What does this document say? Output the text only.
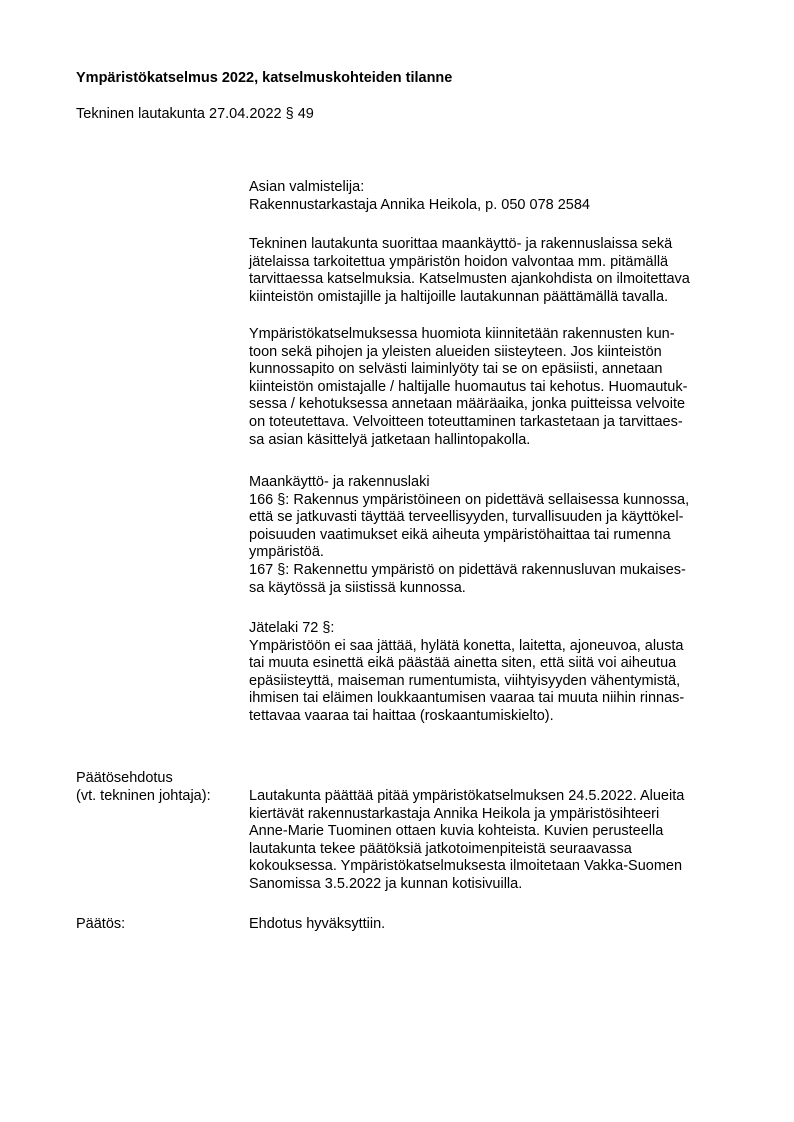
Ympäristökatselmus 2022, katselmuskohteiden tilanne
Tekninen lautakunta 27.04.2022 § 49
Asian valmistelija:
Rakennustarkastaja Annika Heikola, p. 050 078 2584
Tekninen lautakunta suorittaa maankäyttö- ja rakennuslaissa sekä
jätelaissa tarkoitettua ympäristön hoidon valvontaa mm. pitämällä
tarvittaessa katselmuksia. Katselmusten ajankohdista on ilmoitettava
kiinteistön omistajille ja haltijoille lautakunnan päättämällä tavalla.
Ympäristökatselmuksessa huomiota kiinnitetään rakennusten kun-
toon sekä pihojen ja yleisten alueiden siisteyteen. Jos kiinteistön
kunnossapito on selvästi laiminlyöty tai se on epäsiisti, annetaan
kiinteistön omistajalle / haltijalle huomautus tai kehotus. Huomautuk-
sessa / kehotuksessa annetaan määräaika, jonka puitteissa velvoite
on toteutettava. Velvoitteen toteuttaminen tarkastetaan ja tarvittaes-
sa asian käsittelyä jatketaan hallintopakolla.
Maankäyttö- ja rakennuslaki
166 §: Rakennus ympäristöineen on pidettävä sellaisessa kunnossa,
että se jatkuvasti täyttää terveellisyyden, turvallisuuden ja käyttökel-
poisuuden vaatimukset eikä aiheuta ympäristöhaittaa tai rumenna
ympäristöä.
167 §: Rakennettu ympäristö on pidettävä rakennusluvan mukaises-
sa käytössä ja siistissä kunnossa.
Jätelaki 72 §:
Ympäristöön ei saa jättää, hylätä konetta, laitetta, ajoneuvoa, alusta
tai muuta esinettä eikä päästää ainetta siten, että siitä voi aiheutua
epäsiisteyttä, maiseman rumentumista, viihtyisyyden vähentymistä,
ihmisen tai eläimen loukkaantumisen vaaraa tai muuta niihin rinnas-
tettavaa vaaraa tai haittaa (roskaantumiskielto).
Päätösehdotus
(vt. tekninen johtaja):	Lautakunta päättää pitää ympäristökatselmuksen 24.5.2022. Alueita
kiertävät rakennustarkastaja Annika Heikola ja ympäristösihteeri
Anne-Marie Tuominen ottaen kuvia kohteista. Kuvien perusteella
lautakunta tekee päätöksiä jatkotoimenpiteistä seuraavassa
kokouksessa. Ympäristökatselmuksesta ilmoitetaan Vakka-Suomen
Sanomissa 3.5.2022 ja kunnan kotisivuilla.
Päätös:	Ehdotus hyväksyttiin.
